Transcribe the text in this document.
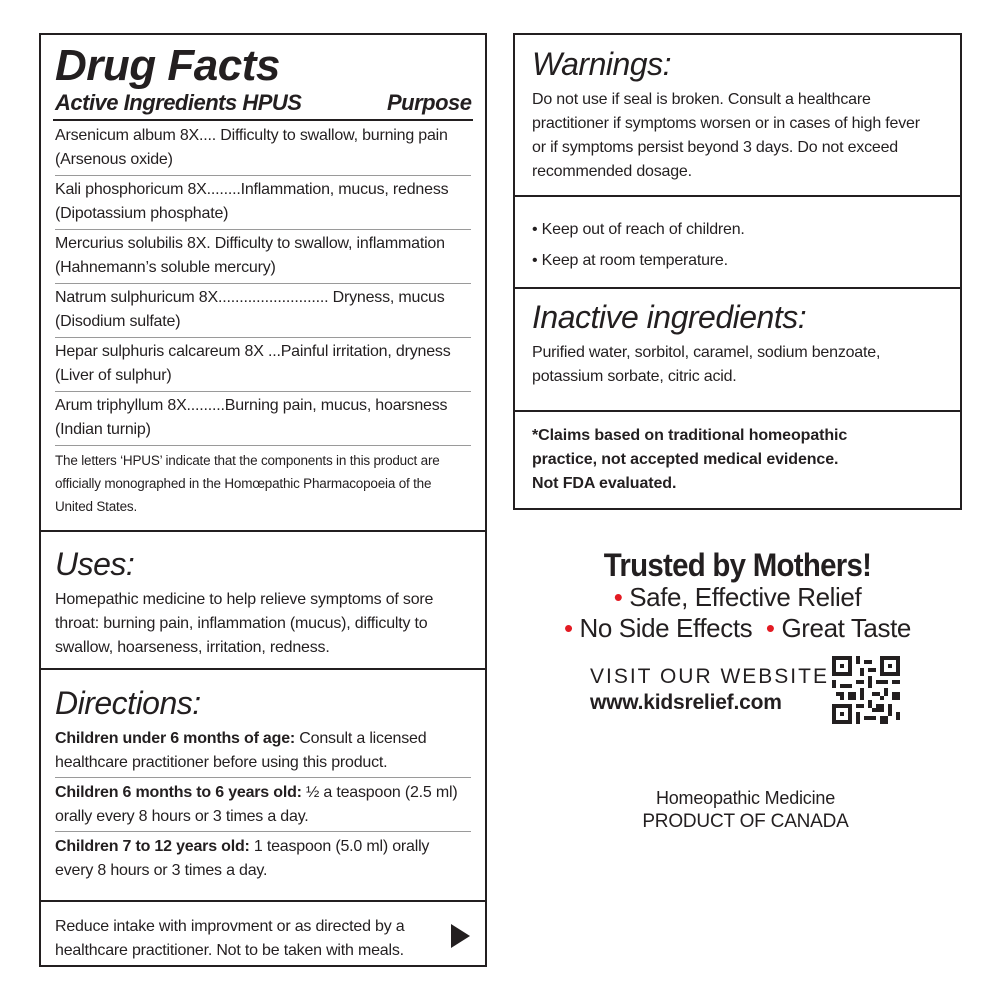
Drug Facts
Active Ingredients HPUS	Purpose
Arsenicum album 8X.... Difficulty to swallow, burning pain
(Arsenous oxide)
Kali phosphoricum 8X........Inflammation, mucus, redness
(Dipotassium phosphate)
Mercurius solubilis 8X. Difficulty to swallow, inflammation
(Hahnemann’s soluble mercury)
Natrum sulphuricum 8X.......................... Dryness, mucus
(Disodium sulfate)
Hepar sulphuris calcareum 8X ...Painful irritation, dryness
(Liver of sulphur)
Arum triphyllum 8X.........Burning pain, mucus, hoarsness
(Indian turnip)
The letters ‘HPUS’ indicate that the components in this product are
officially monographed in the Homœpathic Pharmacopoeia of the
United States.
Uses:
Homepathic medicine to help relieve symptoms of sore
throat: burning pain, inflammation (mucus), difficulty to
swallow, hoarseness, irritation, redness.
Directions:
Children under 6 months of age: Consult a licensed
healthcare practitioner before using this product.
Children 6 months to 6 years old: ½ a teaspoon (2.5 ml)
orally every 8 hours or 3 times a day.
Children 7 to 12 years old: 1 teaspoon (5.0 ml) orally
every 8 hours or 3 times a day.
Reduce intake with improvment or as directed by a
healthcare practitioner. Not to be taken with meals.
Warnings:
Do not use if seal is broken. Consult a healthcare
practitioner if symptoms worsen or in cases of high fever
or if symptoms persist beyond 3 days. Do not exceed
recommended dosage.
• Keep out of reach of children.
• Keep at room temperature.
Inactive ingredients:
Purified water, sorbitol, caramel, sodium benzoate,
potassium sorbate, citric acid.
*Claims based on traditional homeopathic
practice, not accepted medical evidence.
Not FDA evaluated.
Trusted by Mothers!
• Safe, Effective Relief
• No Side Effects • Great Taste
VISIT OUR WEBSITE
www.kidsrelief.com
Homeopathic Medicine
PRODUCT OF CANADA
